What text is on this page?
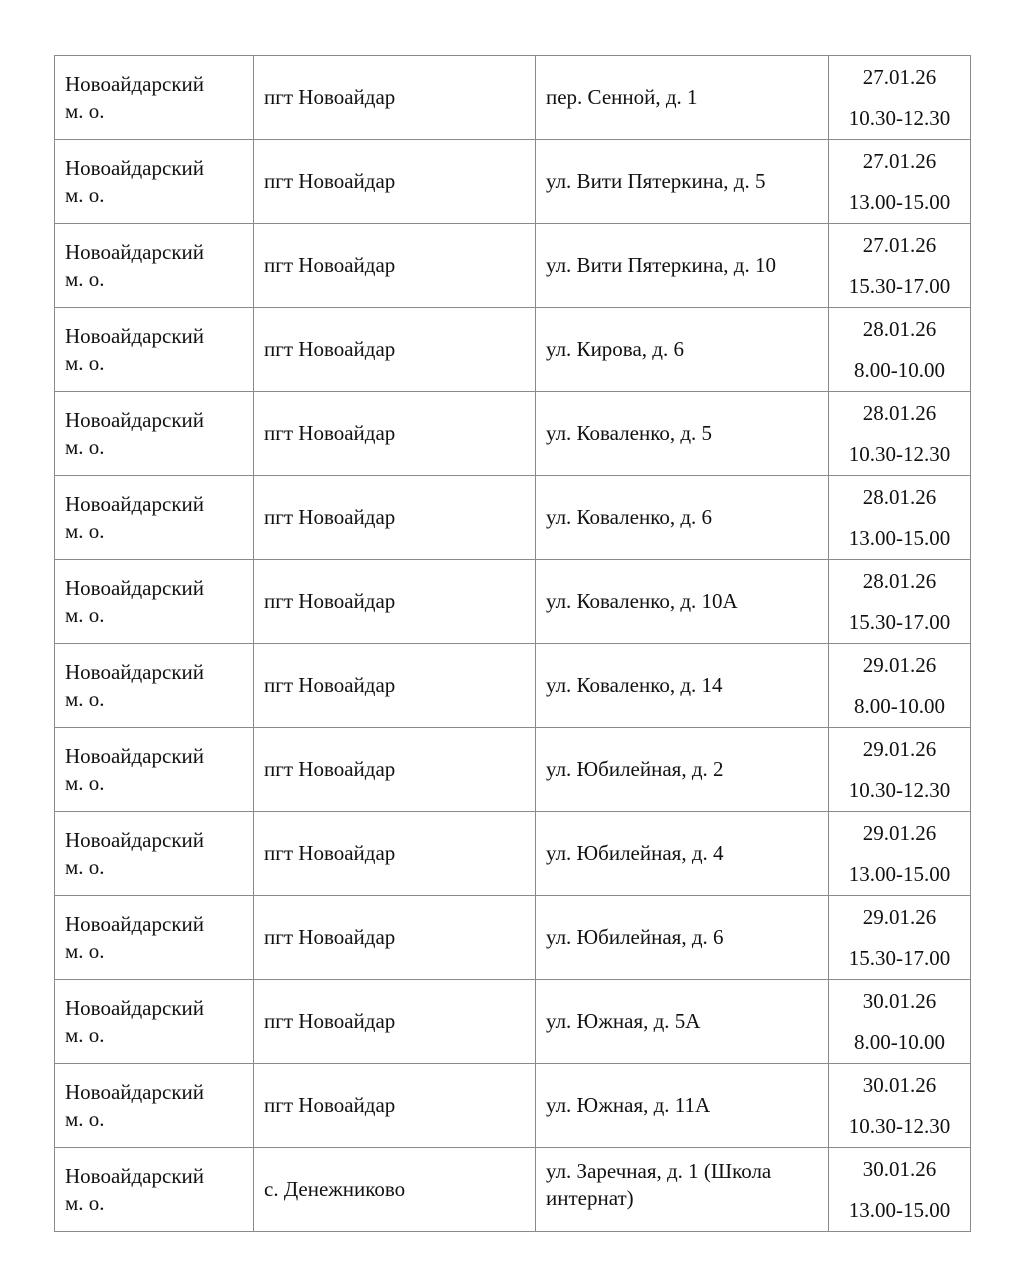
Новоайдарский
м. о.	пгт Новоайдар	пер. Сенной, д. 1	27.01.26
10.30-12.30

Новоайдарский
м. о.	пгт Новоайдар	ул. Вити Пятеркина, д. 5	27.01.26
13.00-15.00

Новоайдарский
м. о.	пгт Новоайдар	ул. Вити Пятеркина, д. 10	27.01.26
15.30-17.00

Новоайдарский
м. о.	пгт Новоайдар	ул. Кирова, д. 6	28.01.26
8.00-10.00

Новоайдарский
м. о.	пгт Новоайдар	ул. Коваленко, д. 5	28.01.26
10.30-12.30

Новоайдарский
м. о.	пгт Новоайдар	ул. Коваленко, д. 6	28.01.26
13.00-15.00

Новоайдарский
м. о.	пгт Новоайдар	ул. Коваленко, д. 10А	28.01.26
15.30-17.00

Новоайдарский
м. о.	пгт Новоайдар	ул. Коваленко, д. 14	29.01.26
8.00-10.00

Новоайдарский
м. о.	пгт Новоайдар	ул. Юбилейная, д. 2	29.01.26
10.30-12.30

Новоайдарский
м. о.	пгт Новоайдар	ул. Юбилейная, д. 4	29.01.26
13.00-15.00

Новоайдарский
м. о.	пгт Новоайдар	ул. Юбилейная, д. 6	29.01.26
15.30-17.00

Новоайдарский
м. о.	пгт Новоайдар	ул. Южная, д. 5А	30.01.26
8.00-10.00

Новоайдарский
м. о.	пгт Новоайдар	ул. Южная, д. 11А	30.01.26
10.30-12.30

Новоайдарский
м. о.	с. Денежниково	ул. Заречная, д. 1 (Школа интернат)	30.01.26
13.00-15.00
